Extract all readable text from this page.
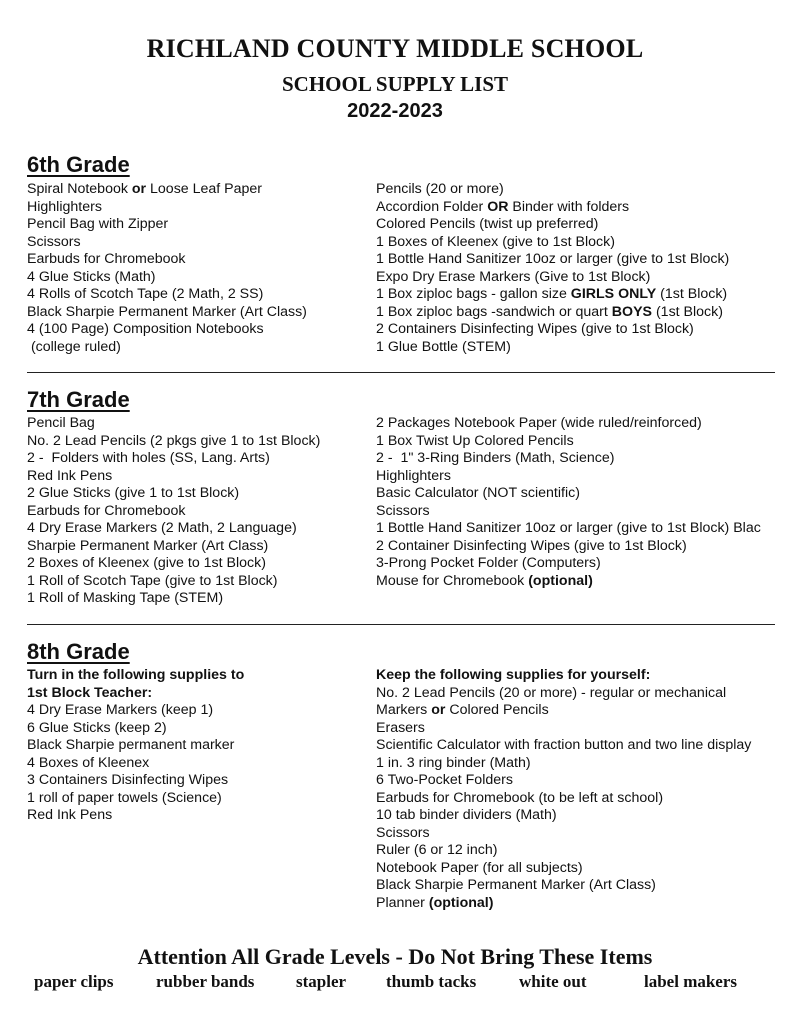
RICHLAND COUNTY MIDDLE SCHOOL
SCHOOL SUPPLY LIST
2022-2023
6th Grade
Spiral Notebook or Loose Leaf Paper
Highlighters
Pencil Bag with Zipper
Scissors
Earbuds for Chromebook
4 Glue Sticks (Math)
4 Rolls of Scotch Tape (2 Math, 2 SS)
Black Sharpie Permanent Marker (Art Class)
4 (100 Page) Composition Notebooks
(college ruled)
Pencils (20 or more)
Accordion Folder OR Binder with folders
Colored Pencils (twist up preferred)
1 Boxes of Kleenex (give to 1st Block)
1 Bottle Hand Sanitizer 10oz or larger (give to 1st Block)
Expo Dry Erase Markers (Give to 1st Block)
1 Box ziploc bags - gallon size GIRLS ONLY (1st Block)
1 Box ziploc bags -sandwich or quart BOYS (1st Block)
2 Containers Disinfecting Wipes (give to 1st Block)
1 Glue Bottle (STEM)
7th Grade
Pencil Bag
No. 2 Lead Pencils (2 pkgs give 1 to 1st Block)
2 -  Folders with holes (SS, Lang. Arts)
Red Ink Pens
2 Glue Sticks (give 1 to 1st Block)
Earbuds for Chromebook
4 Dry Erase Markers (2 Math, 2 Language)
Sharpie Permanent Marker (Art Class)
2 Boxes of Kleenex (give to 1st Block)
1 Roll of Scotch Tape (give to 1st Block)
1 Roll of Masking Tape (STEM)
2 Packages Notebook Paper (wide ruled/reinforced)
1 Box Twist Up Colored Pencils
2 -  1" 3-Ring Binders (Math, Science)
Highlighters
Basic Calculator (NOT scientific)
Scissors
1 Bottle Hand Sanitizer 10oz or larger (give to 1st Block) Blac
2 Container Disinfecting Wipes (give to 1st Block)
3-Prong Pocket Folder (Computers)
Mouse for Chromebook (optional)
8th Grade
Turn in the following supplies to
1st Block Teacher:
4 Dry Erase Markers (keep 1)
6 Glue Sticks (keep 2)
Black Sharpie permanent marker
4 Boxes of Kleenex
3 Containers Disinfecting Wipes
1 roll of paper towels (Science)
Red Ink Pens
Keep the following supplies for yourself:
No. 2 Lead Pencils (20 or more) - regular or mechanical
Markers or Colored Pencils
Erasers
Scientific Calculator with fraction button and two line display
1 in. 3 ring binder (Math)
6 Two-Pocket Folders
Earbuds for Chromebook (to be left at school)
10 tab binder dividers (Math)
Scissors
Ruler (6 or 12 inch)
Notebook Paper (for all subjects)
Black Sharpie Permanent Marker (Art Class)
Planner (optional)
Attention All Grade Levels - Do Not Bring These Items
paper clips rubber bands stapler thumb tacks	white out	label makers
